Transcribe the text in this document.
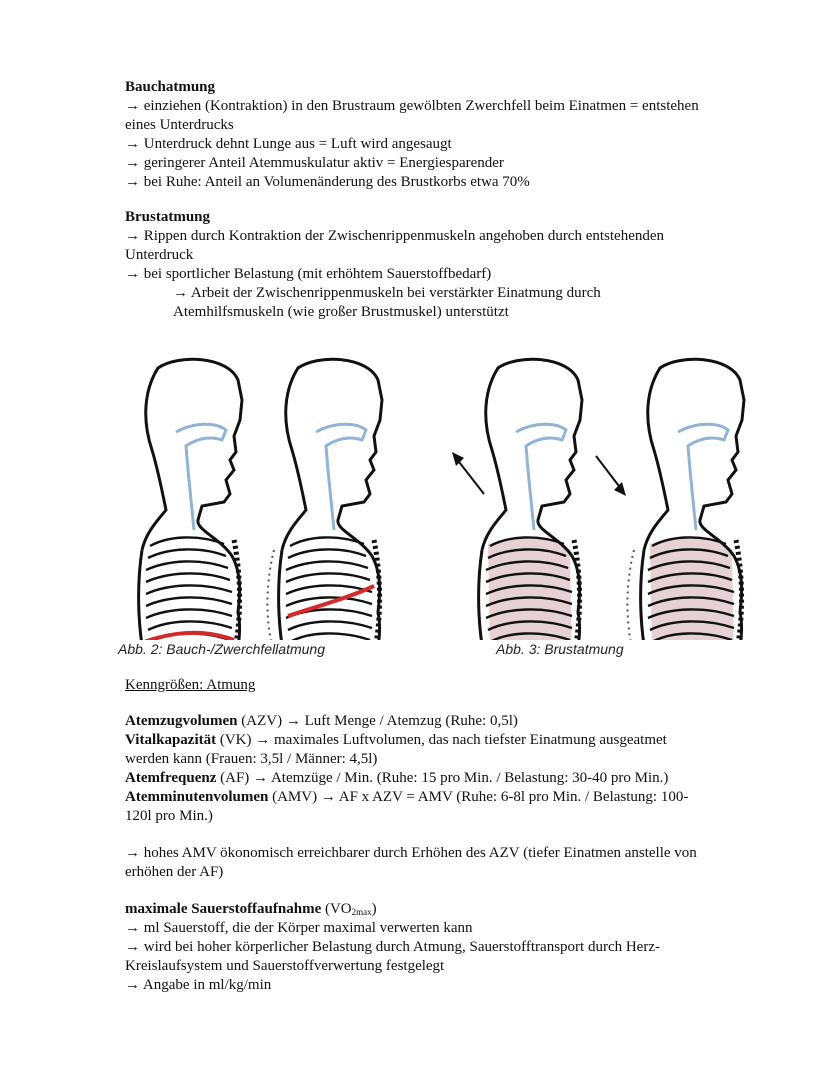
Bauchatmung
→ einziehen (Kontraktion) in den Brustraum gewölbten Zwerchfell beim Einatmen = entstehen
eines Unterdrucks
→ Unterdruck dehnt Lunge aus = Luft wird angesaugt
→ geringerer Anteil Atemmuskulatur aktiv = Energiesparender
→ bei Ruhe: Anteil an Volumenänderung des Brustkorbs etwa 70%
Brustatmung
→ Rippen durch Kontraktion der Zwischenrippenmuskeln angehoben durch entstehenden
Unterdruck
→ bei sportlicher Belastung (mit erhöhtem Sauerstoffbedarf)
→ Arbeit der Zwischenrippenmuskeln bei verstärkter Einatmung durch
Atemhilfsmuskeln (wie großer Brustmuskel) unterstützt
Abb. 2: Bauch-/Zwerchfellatmung	Abb. 3: Brustatmung
Kenngrößen: Atmung
Atemzugvolumen (AZV) → Luft Menge / Atemzug (Ruhe: 0,5l)
Vitalkapazität (VK) → maximales Luftvolumen, das nach tiefster Einatmung ausgeatmet
werden kann (Frauen: 3,5l / Männer: 4,5l)
Atemfrequenz (AF) → Atemzüge / Min. (Ruhe: 15 pro Min. / Belastung: 30-40 pro Min.)
Atemminutenvolumen (AMV) → AF x AZV = AMV (Ruhe: 6-8l pro Min. / Belastung: 100-
120l pro Min.)
→ hohes AMV ökonomisch erreichbarer durch Erhöhen des AZV (tiefer Einatmen anstelle von
erhöhen der AF)
maximale Sauerstoffaufnahme $(VO_{2max})$
→ ml Sauerstoff, die der Körper maximal verwerten kann
→ wird bei hoher körperlicher Belastung durch Atmung, Sauerstofftransport durch Herz-
Kreislaufsystem und Sauerstoffverwertung festgelegt
→ Angabe in ml/kg/min
